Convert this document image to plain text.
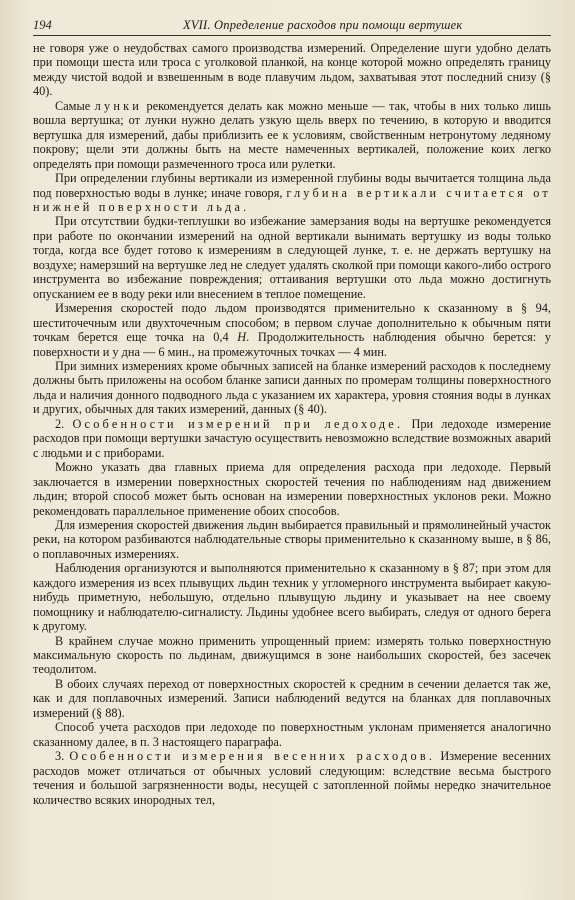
194	XVII. Определение расходов при помощи вертушек

не говоря уже о неудобствах самого производства измерений. Определение шуги удобно делать при помощи шеста или троса с уголковой планкой, на конце которой можно определять границу между чистой водой и взвешенным в воде плавучим льдом, захватывая этот последний снизу (§ 40).

Самые лунки рекомендуется делать как можно меньше — так, чтобы в них только лишь вошла вертушка; от лунки нужно делать узкую щель вверх по течению, в которую и вводится вертушка для измерений, дабы приблизить ее к условиям, свойственным нетронутому ледяному покрову; щели эти должны быть на месте намеченных вертикалей, положение коих легко определять при помощи размеченного троса или рулетки.

При определении глубины вертикали из измеренной глубины воды вычитается толщина льда под поверхностью воды в лунке; иначе говоря, глубина вертикали считается от нижней поверхности льда.

При отсутствии будки-теплушки во избежание замерзания воды на вертушке рекомендуется при работе по окончании измерений на одной вертикали вынимать вертушку из воды только тогда, когда все будет готово к измерениям в следующей лунке, т. е. не держать вертушку на воздухе; намерзший на вертушке лед не следует удалять сколкой при помощи какого-либо острого инструмента во избежание повреждения; оттаивания вертушки ото льда можно достигнуть опусканием ее в воду реки или внесением в теплое помещение.

Измерения скоростей подо льдом производятся применительно к сказанному в § 94, шеститочечным или двухточечным способом; в первом случае дополнительно к обычным пяти точкам берется еще точка на 0,4 H. Продолжительность наблюдения обычно берется: у поверхности и у дна — 6 мин., на промежуточных точках — 4 мин.

При зимних измерениях кроме обычных записей на бланке измерений расходов к последнему должны быть приложены на особом бланке записи данных по промерам толщины поверхностного льда и наличия донного подводного льда с указанием их характера, уровня стояния воды в лунках и других, обычных для таких измерений, данных (§ 40).

2. Особенности измерений при ледоходе. При ледоходе измерение расходов при помощи вертушки зачастую осуществить невозможно вследствие возможных аварий с людьми и с приборами.

Можно указать два главных приема для определения расхода при ледоходе. Первый заключается в измерении поверхностных скоростей течения по наблюдениям над движением льдин; второй способ может быть основан на измерении поверхностных уклонов реки. Можно рекомендовать параллельное применение обоих способов.

Для измерения скоростей движения льдин выбирается правильный и прямолинейный участок реки, на котором разбиваются наблюдательные створы применительно к сказанному выше, в § 86, о поплавочных измерениях.

Наблюдения организуются и выполняются применительно к сказанному в § 87; при этом для каждого измерения из всех плывущих льдин техник у угломерного инструмента выбирает какую-нибудь приметную, небольшую, отдельно плывущую льдину и указывает на нее своему помощнику и наблюдателю-сигналисту. Льдины удобнее всего выбирать, следуя от одного берега к другому.

В крайнем случае можно применить упрощенный прием: измерять только поверхностную максимальную скорость по льдинам, движущимся в зоне наибольших скоростей, без засечек теодолитом.

В обоих случаях переход от поверхностных скоростей к средним в сечении делается так же, как и для поплавочных измерений. Записи наблюдений ведутся на бланках для поплавочных измерений (§ 88).

Способ учета расходов при ледоходе по поверхностным уклонам применяется аналогично сказанному далее, в п. 3 настоящего параграфа.

3. Особенности измерения весенних расходов. Измерение весенних расходов может отличаться от обычных условий следующим: вследствие весьма быстрого течения и большой загрязненности воды, несущей с затопленной поймы нередко значительное количество всяких инородных тел,
